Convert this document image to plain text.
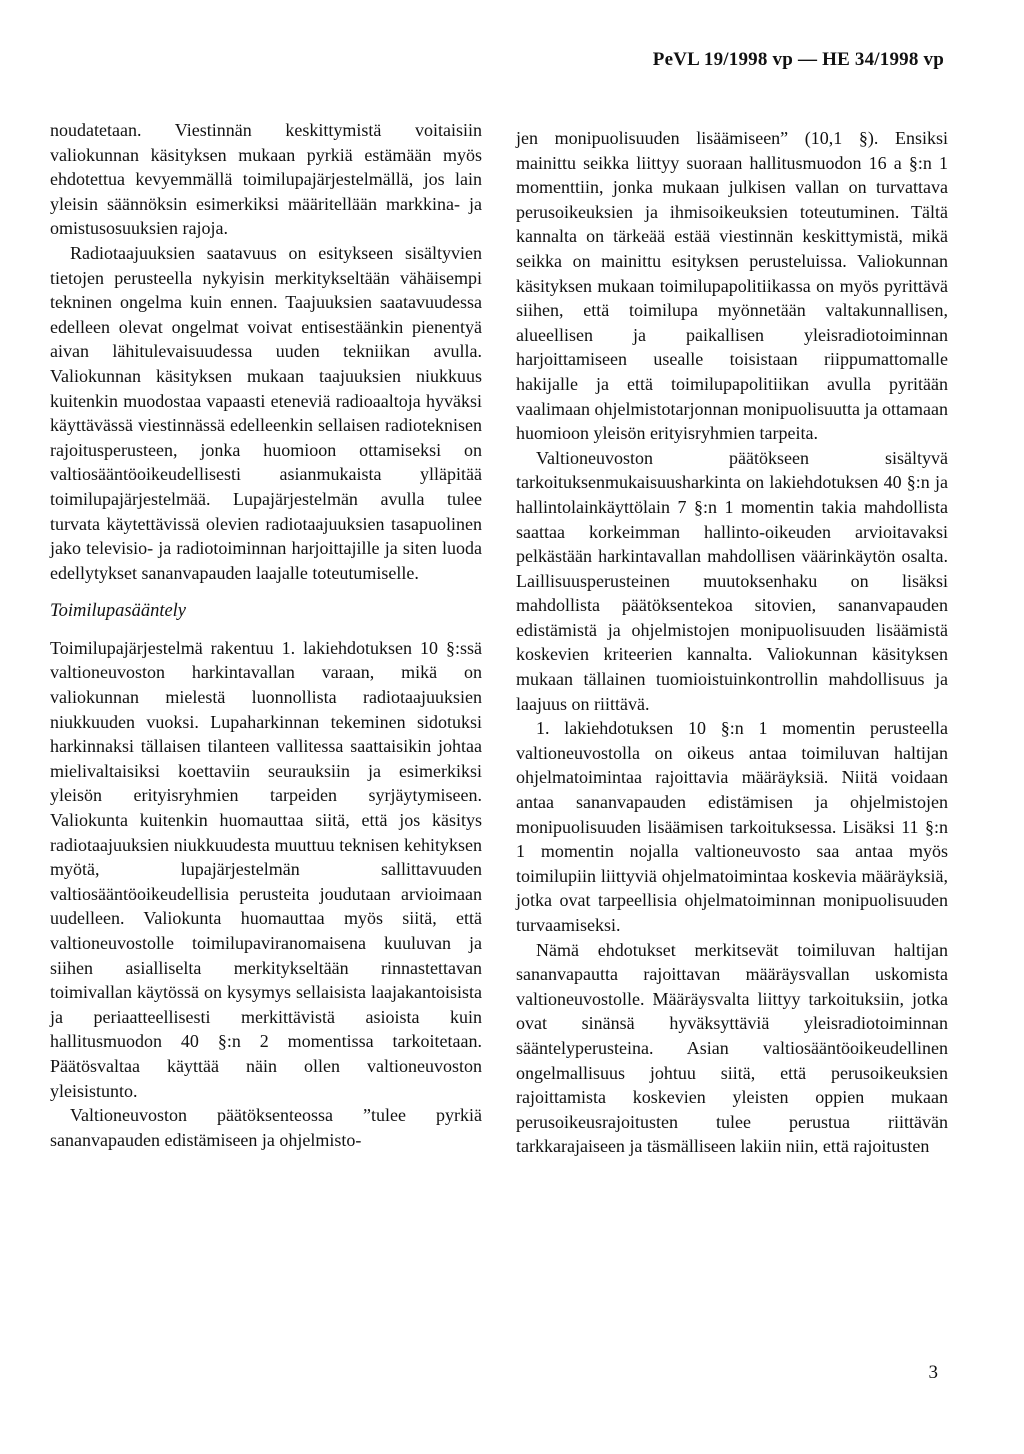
PeVL 19/1998 vp — HE 34/1998 vp

noudatetaan. Viestinnän keskittymistä voitaisiin valiokunnan käsityksen mukaan pyrkiä estämään myös ehdotettua kevyemmällä toimilupajärjestelmällä, jos lain yleisin säännöksin esimerkiksi määritellään markkina- ja omistusosuuksien rajoja.

Radiotaajuuksien saatavuus on esitykseen sisältyvien tietojen perusteella nykyisin merkitykseltään vähäisempi tekninen ongelma kuin ennen. Taajuuksien saatavuudessa edelleen olevat ongelmat voivat entisestäänkin pienentyä aivan lähitulevaisuudessa uuden tekniikan avulla. Valiokunnan käsityksen mukaan taajuuksien niukkuus kuitenkin muodostaa vapaasti eteneviä radioaaltoja hyväksi käyttävässä viestinnässä edelleenkin sellaisen radioteknisen rajoitusperusteen, jonka huomioon ottamiseksi on valtiosääntöoikeudellisesti asianmukaista ylläpitää toimilupajärjestelmää. Lupajärjestelmän avulla tulee turvata käytettävissä olevien radiotaajuuksien tasapuolinen jako televisio- ja radiotoiminnan harjoittajille ja siten luoda edellytykset sananvapauden laajalle toteutumiselle.

Toimilupasääntely

Toimilupajärjestelmä rakentuu 1. lakiehdotuksen 10 §:ssä valtioneuvoston harkintavallan varaan, mikä on valiokunnan mielestä luonnollista radiotaajuuksien niukkuuden vuoksi. Lupaharkinnan tekeminen sidotuksi harkinnaksi tällaisen tilanteen vallitessa saattaisikin johtaa mielivaltaisiksi koettaviin seurauksiin ja esimerkiksi yleisön erityisryhmien tarpeiden syrjäytymiseen. Valiokunta kuitenkin huomauttaa siitä, että jos käsitys radiotaajuuksien niukkuudesta muuttuu teknisen kehityksen myötä, lupajärjestelmän sallittavuuden valtiosääntöoikeudellisia perusteita joudutaan arvioimaan uudelleen. Valiokunta huomauttaa myös siitä, että valtioneuvostolle toimilupaviranomaisena kuuluvan ja siihen asialliselta merkitykseltään rinnastettavan toimivallan käytössä on kysymys sellaisista laajakantoisista ja periaatteellisesti merkittävistä asioista kuin hallitusmuodon 40 §:n 2 momentissa tarkoitetaan. Päätösvaltaa käyttää näin ollen valtioneuvoston yleisistunto.

Valtioneuvoston päätöksenteossa ”tulee pyrkiä sananvapauden edistämiseen ja ohjelmisto-

jen monipuolisuuden lisäämiseen” (10,1 §). Ensiksi mainittu seikka liittyy suoraan hallitusmuodon 16 a §:n 1 momenttiin, jonka mukaan julkisen vallan on turvattava perusoikeuksien ja ihmisoikeuksien toteutuminen. Tältä kannalta on tärkeää estää viestinnän keskittymistä, mikä seikka on mainittu esityksen perusteluissa. Valiokunnan käsityksen mukaan toimilupapolitiikassa on myös pyrittävä siihen, että toimilupa myönnetään valtakunnallisen, alueellisen ja paikallisen yleisradiotoiminnan harjoittamiseen usealle toisistaan riippumattomalle hakijalle ja että toimilupapolitiikan avulla pyritään vaalimaan ohjelmistotarjonnan monipuolisuutta ja ottamaan huomioon yleisön erityisryhmien tarpeita.

Valtioneuvoston päätökseen sisältyvä tarkoituksenmukaisuusharkinta on lakiehdotuksen 40 §:n ja hallintolainkäyttölain 7 §:n 1 momentin takia mahdollista saattaa korkeimman hallinto-oikeuden arvioitavaksi pelkästään harkintavallan mahdollisen väärinkäytön osalta. Laillisuusperusteinen muutoksenhaku on lisäksi mahdollista päätöksentekoa sitovien, sananvapauden edistämistä ja ohjelmistojen monipuolisuuden lisäämistä koskevien kriteerien kannalta. Valiokunnan käsityksen mukaan tällainen tuomioistuinkontrollin mahdollisuus ja laajuus on riittävä.

1. lakiehdotuksen 10 §:n 1 momentin perusteella valtioneuvostolla on oikeus antaa toimiluvan haltijan ohjelmatoimintaa rajoittavia määräyksiä. Niitä voidaan antaa sananvapauden edistämisen ja ohjelmistojen monipuolisuuden lisäämisen tarkoituksessa. Lisäksi 11 §:n 1 momentin nojalla valtioneuvosto saa antaa myös toimilupiin liittyviä ohjelmatoimintaa koskevia määräyksiä, jotka ovat tarpeellisia ohjelmatoiminnan monipuolisuuden turvaamiseksi.

Nämä ehdotukset merkitsevät toimiluvan haltijan sananvapautta rajoittavan määräysvallan uskomista valtioneuvostolle. Määräysvalta liittyy tarkoituksiin, jotka ovat sinänsä hyväksyttäviä yleisradiotoiminnan sääntelyperusteina. Asian valtiosääntöoikeudellinen ongelmallisuus johtuu siitä, että perusoikeuksien rajoittamista koskevien yleisten oppien mukaan perusoikeusrajoitusten tulee perustua riittävän tarkkarajaiseen ja täsmälliseen lakiin niin, että rajoitusten

3
